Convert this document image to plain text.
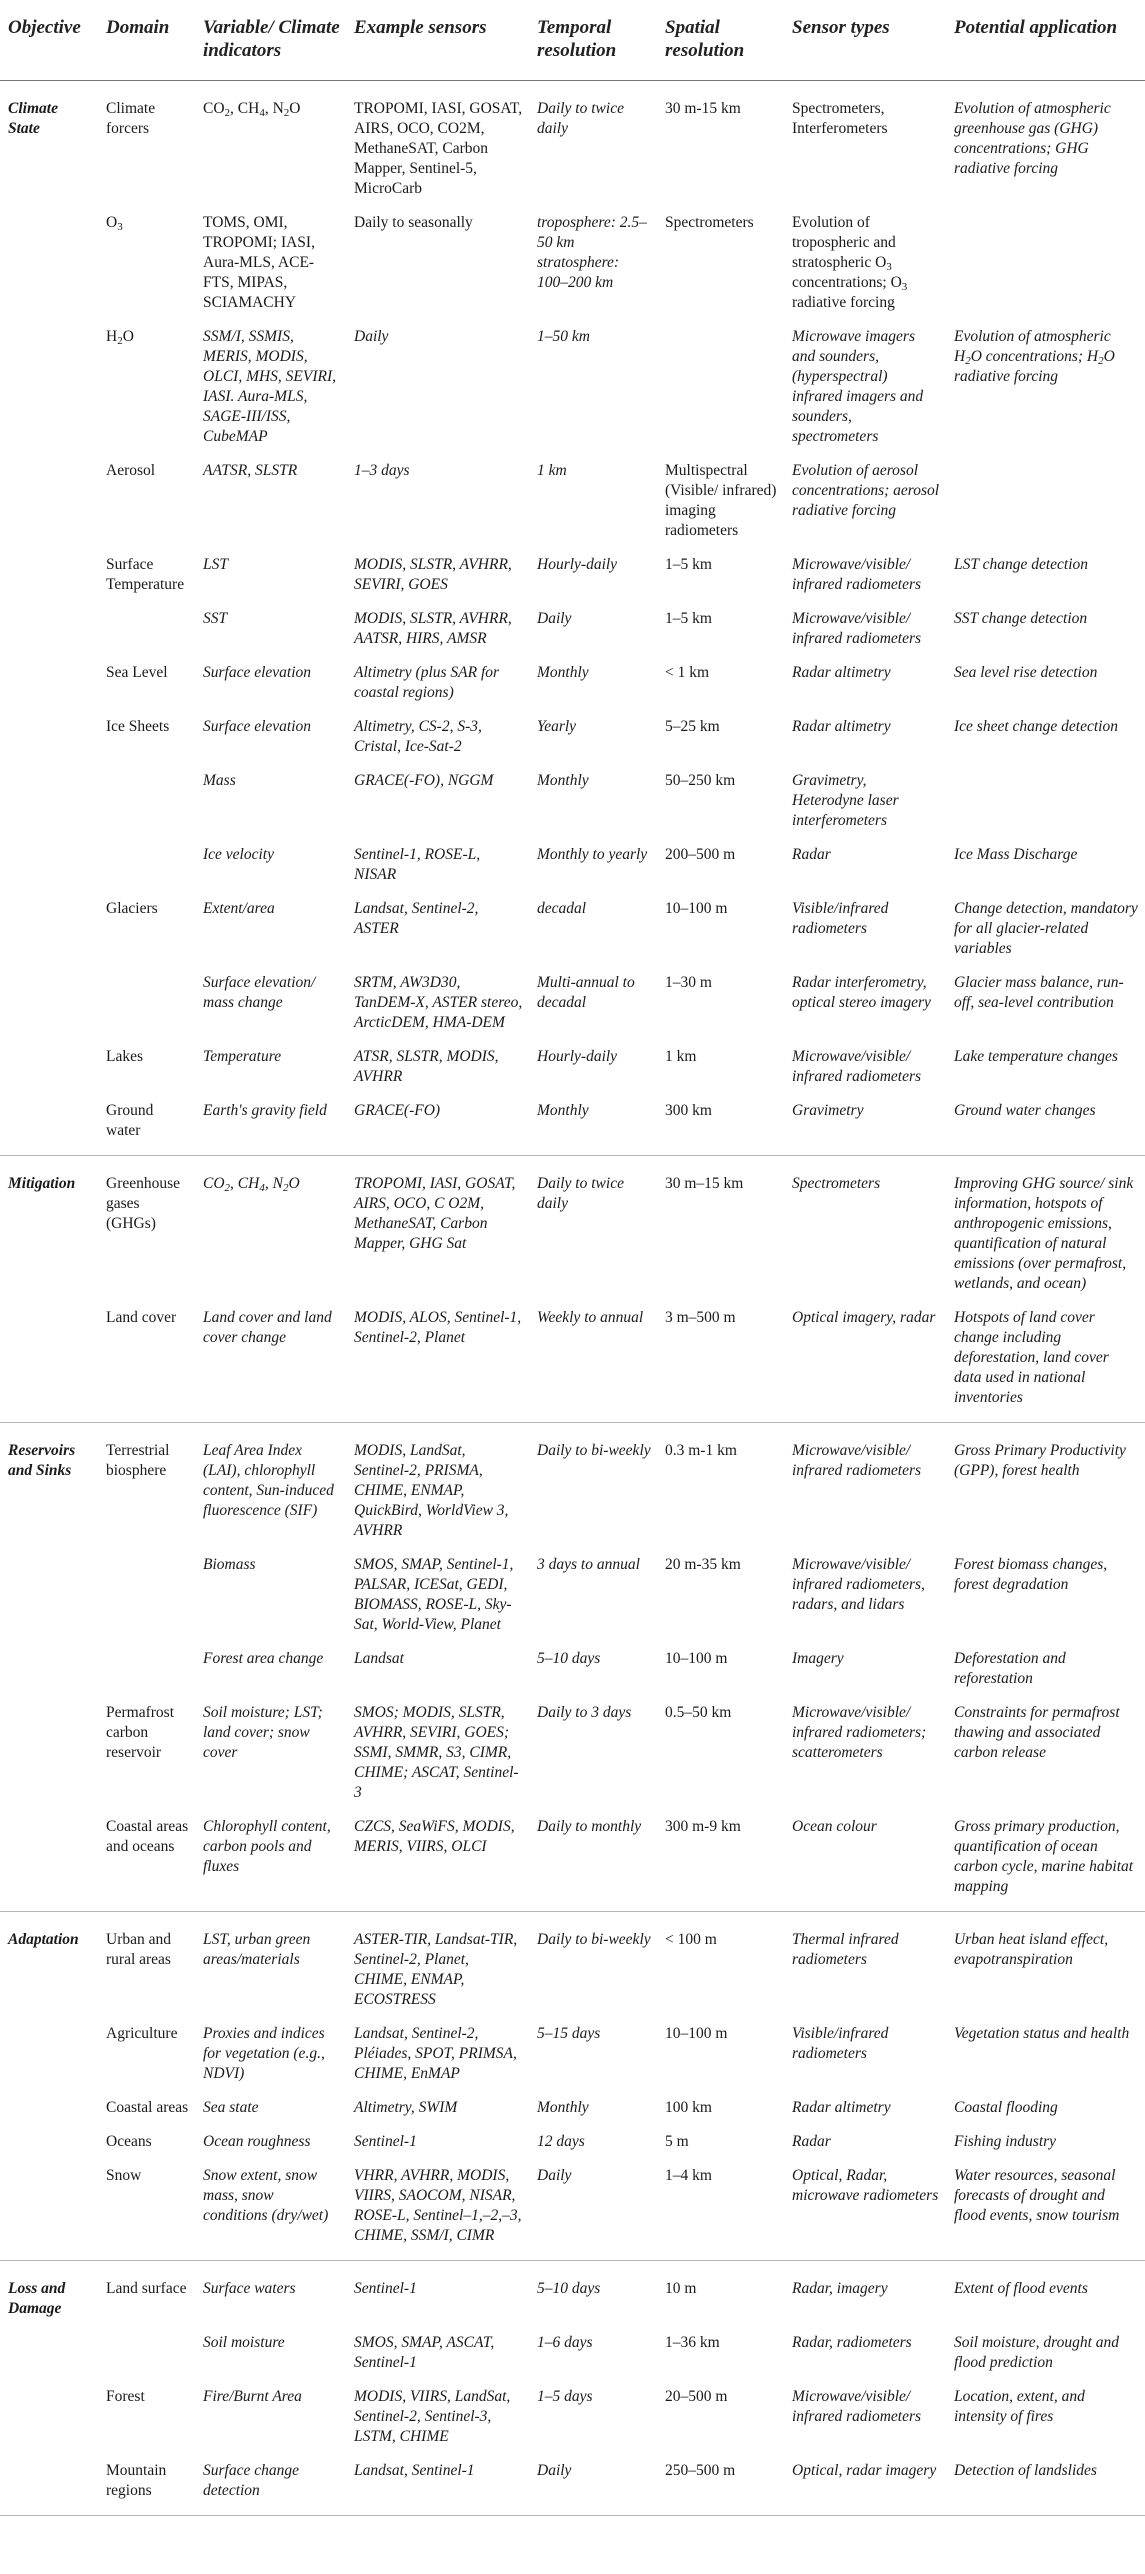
Objective	Domain	Variable/ Climate indicators	Example sensors	Temporal resolution	Spatial resolution	Sensor types	Potential application
Climate State	Climate forcers	$CO_2$, $CH_4$, $N_2O$	TROPOMI, IASI, GOSAT, AIRS, OCO, CO2M, MethaneSAT, Carbon Mapper, Sentinel-5, MicroCarb	Daily to twice daily	30 m-15 km	Spectrometers, Interferometers	Evolution of atmospheric greenhouse gas (GHG) concentrations; GHG radiative forcing
	$O_3$	TOMS, OMI, TROPOMI; IASI, Aura-MLS, ACE-FTS, MIPAS, SCIAMACHY	Daily to seasonally	troposphere: 2.5–50 km stratosphere: 100–200 km	Spectrometers	Evolution of tropospheric and stratospheric $O_3$ concentrations; $O_3$ radiative forcing	
	$H_2O$	SSM/I, SSMIS, MERIS, MODIS, OLCI, MHS, SEVIRI, IASI. Aura-MLS, SAGE-III/ISS, CubeMAP	Daily	1–50 km		Microwave imagers and sounders, (hyperspectral) infrared imagers and sounders, spectrometers	Evolution of atmospheric $H_2O$ concentrations; $H_2O$ radiative forcing
	Aerosol	AATSR, SLSTR	1–3 days	1 km	Multispectral (Visible/ infrared) imaging radiometers	Evolution of aerosol concentrations; aerosol radiative forcing	
	Surface Temperature	LST	MODIS, SLSTR, AVHRR, SEVIRI, GOES	Hourly-daily	1–5 km	Microwave/visible/ infrared radiometers	LST change detection
		SST	MODIS, SLSTR, AVHRR, AATSR, HIRS, AMSR	Daily	1–5 km	Microwave/visible/ infrared radiometers	SST change detection
	Sea Level	Surface elevation	Altimetry (plus SAR for coastal regions)	Monthly	< 1 km	Radar altimetry	Sea level rise detection
	Ice Sheets	Surface elevation	Altimetry, CS-2, S-3, Cristal, Ice-Sat-2	Yearly	5–25 km	Radar altimetry	Ice sheet change detection
		Mass	GRACE(-FO), NGGM	Monthly	50–250 km	Gravimetry, Heterodyne laser interferometers	
		Ice velocity	Sentinel-1, ROSE-L, NISAR	Monthly to yearly	200–500 m	Radar	Ice Mass Discharge
	Glaciers	Extent/area	Landsat, Sentinel-2, ASTER	decadal	10–100 m	Visible/infrared radiometers	Change detection, mandatory for all glacier-related variables
		Surface elevation/ mass change	SRTM, AW3D30, TanDEM-X, ASTER stereo, ArcticDEM, HMA-DEM	Multi-annual to decadal	1–30 m	Radar interferometry, optical stereo imagery	Glacier mass balance, run-off, sea-level contribution
	Lakes	Temperature	ATSR, SLSTR, MODIS, AVHRR	Hourly-daily	1 km	Microwave/visible/ infrared radiometers	Lake temperature changes
	Ground water	Earth's gravity field	GRACE(-FO)	Monthly	300 km	Gravimetry	Ground water changes
Mitigation	Greenhouse gases (GHGs)	$CO_2$, $CH_4$, $N_2O$	TROPOMI, IASI, GOSAT, AIRS, OCO, C O2M, MethaneSAT, Carbon Mapper, GHG Sat	Daily to twice daily	30 m–15 km	Spectrometers	Improving GHG source/ sink information, hotspots of anthropogenic emissions, quantification of natural emissions (over permafrost, wetlands, and ocean)
	Land cover	Land cover and land cover change	MODIS, ALOS, Sentinel-1, Sentinel-2, Planet	Weekly to annual	3 m–500 m	Optical imagery, radar	Hotspots of land cover change including deforestation, land cover data used in national inventories
Reservoirs and Sinks	Terrestrial biosphere	Leaf Area Index (LAI), chlorophyll content, Sun-induced fluorescence (SIF)	MODIS, LandSat, Sentinel-2, PRISMA, CHIME, ENMAP, QuickBird, WorldView 3, AVHRR	Daily to bi-weekly	0.3 m-1 km	Microwave/visible/ infrared radiometers	Gross Primary Productivity (GPP), forest health
		Biomass	SMOS, SMAP, Sentinel-1, PALSAR, ICESat, GEDI, BIOMASS, ROSE-L, Sky-Sat, World-View, Planet	3 days to annual	20 m-35 km	Microwave/visible/ infrared radiometers, radars, and lidars	Forest biomass changes, forest degradation
		Forest area change	Landsat	5–10 days	10–100 m	Imagery	Deforestation and reforestation
	Permafrost carbon reservoir	Soil moisture; LST; land cover; snow cover	SMOS; MODIS, SLSTR, AVHRR, SEVIRI, GOES; SSMI, SMMR, S3, CIMR, CHIME; ASCAT, Sentinel-3	Daily to 3 days	0.5–50 km	Microwave/visible/ infrared radiometers; scatterometers	Constraints for permafrost thawing and associated carbon release
	Coastal areas and oceans	Chlorophyll content, carbon pools and fluxes	CZCS, SeaWiFS, MODIS, MERIS, VIIRS, OLCI	Daily to monthly	300 m-9 km	Ocean colour	Gross primary production, quantification of ocean carbon cycle, marine habitat mapping
Adaptation	Urban and rural areas	LST, urban green areas/materials	ASTER-TIR, Landsat-TIR, Sentinel-2, Planet, CHIME, ENMAP, ECOSTRESS	Daily to bi-weekly	< 100 m	Thermal infrared radiometers	Urban heat island effect, evapotranspiration
	Agriculture	Proxies and indices for vegetation (e.g., NDVI)	Landsat, Sentinel-2, Pléiades, SPOT, PRIMSA, CHIME, EnMAP	5–15 days	10–100 m	Visible/infrared radiometers	Vegetation status and health
	Coastal areas	Sea state	Altimetry, SWIM	Monthly	100 km	Radar altimetry	Coastal flooding
	Oceans	Ocean roughness	Sentinel-1	12 days	5 m	Radar	Fishing industry
	Snow	Snow extent, snow mass, snow conditions (dry/wet)	VHRR, AVHRR, MODIS, VIIRS, SAOCOM, NISAR, ROSE-L, Sentinel–1,–2,–3, CHIME, SSM/I, CIMR	Daily	1–4 km	Optical, Radar, microwave radiometers	Water resources, seasonal forecasts of drought and flood events, snow tourism
Loss and Damage	Land surface	Surface waters	Sentinel-1	5–10 days	10 m	Radar, imagery	Extent of flood events
		Soil moisture	SMOS, SMAP, ASCAT, Sentinel-1	1–6 days	1–36 km	Radar, radiometers	Soil moisture, drought and flood prediction
	Forest	Fire/Burnt Area	MODIS, VIIRS, LandSat, Sentinel-2, Sentinel-3, LSTM, CHIME	1–5 days	20–500 m	Microwave/visible/ infrared radiometers	Location, extent, and intensity of fires
	Mountain regions	Surface change detection	Landsat, Sentinel-1	Daily	250–500 m	Optical, radar imagery	Detection of landslides
